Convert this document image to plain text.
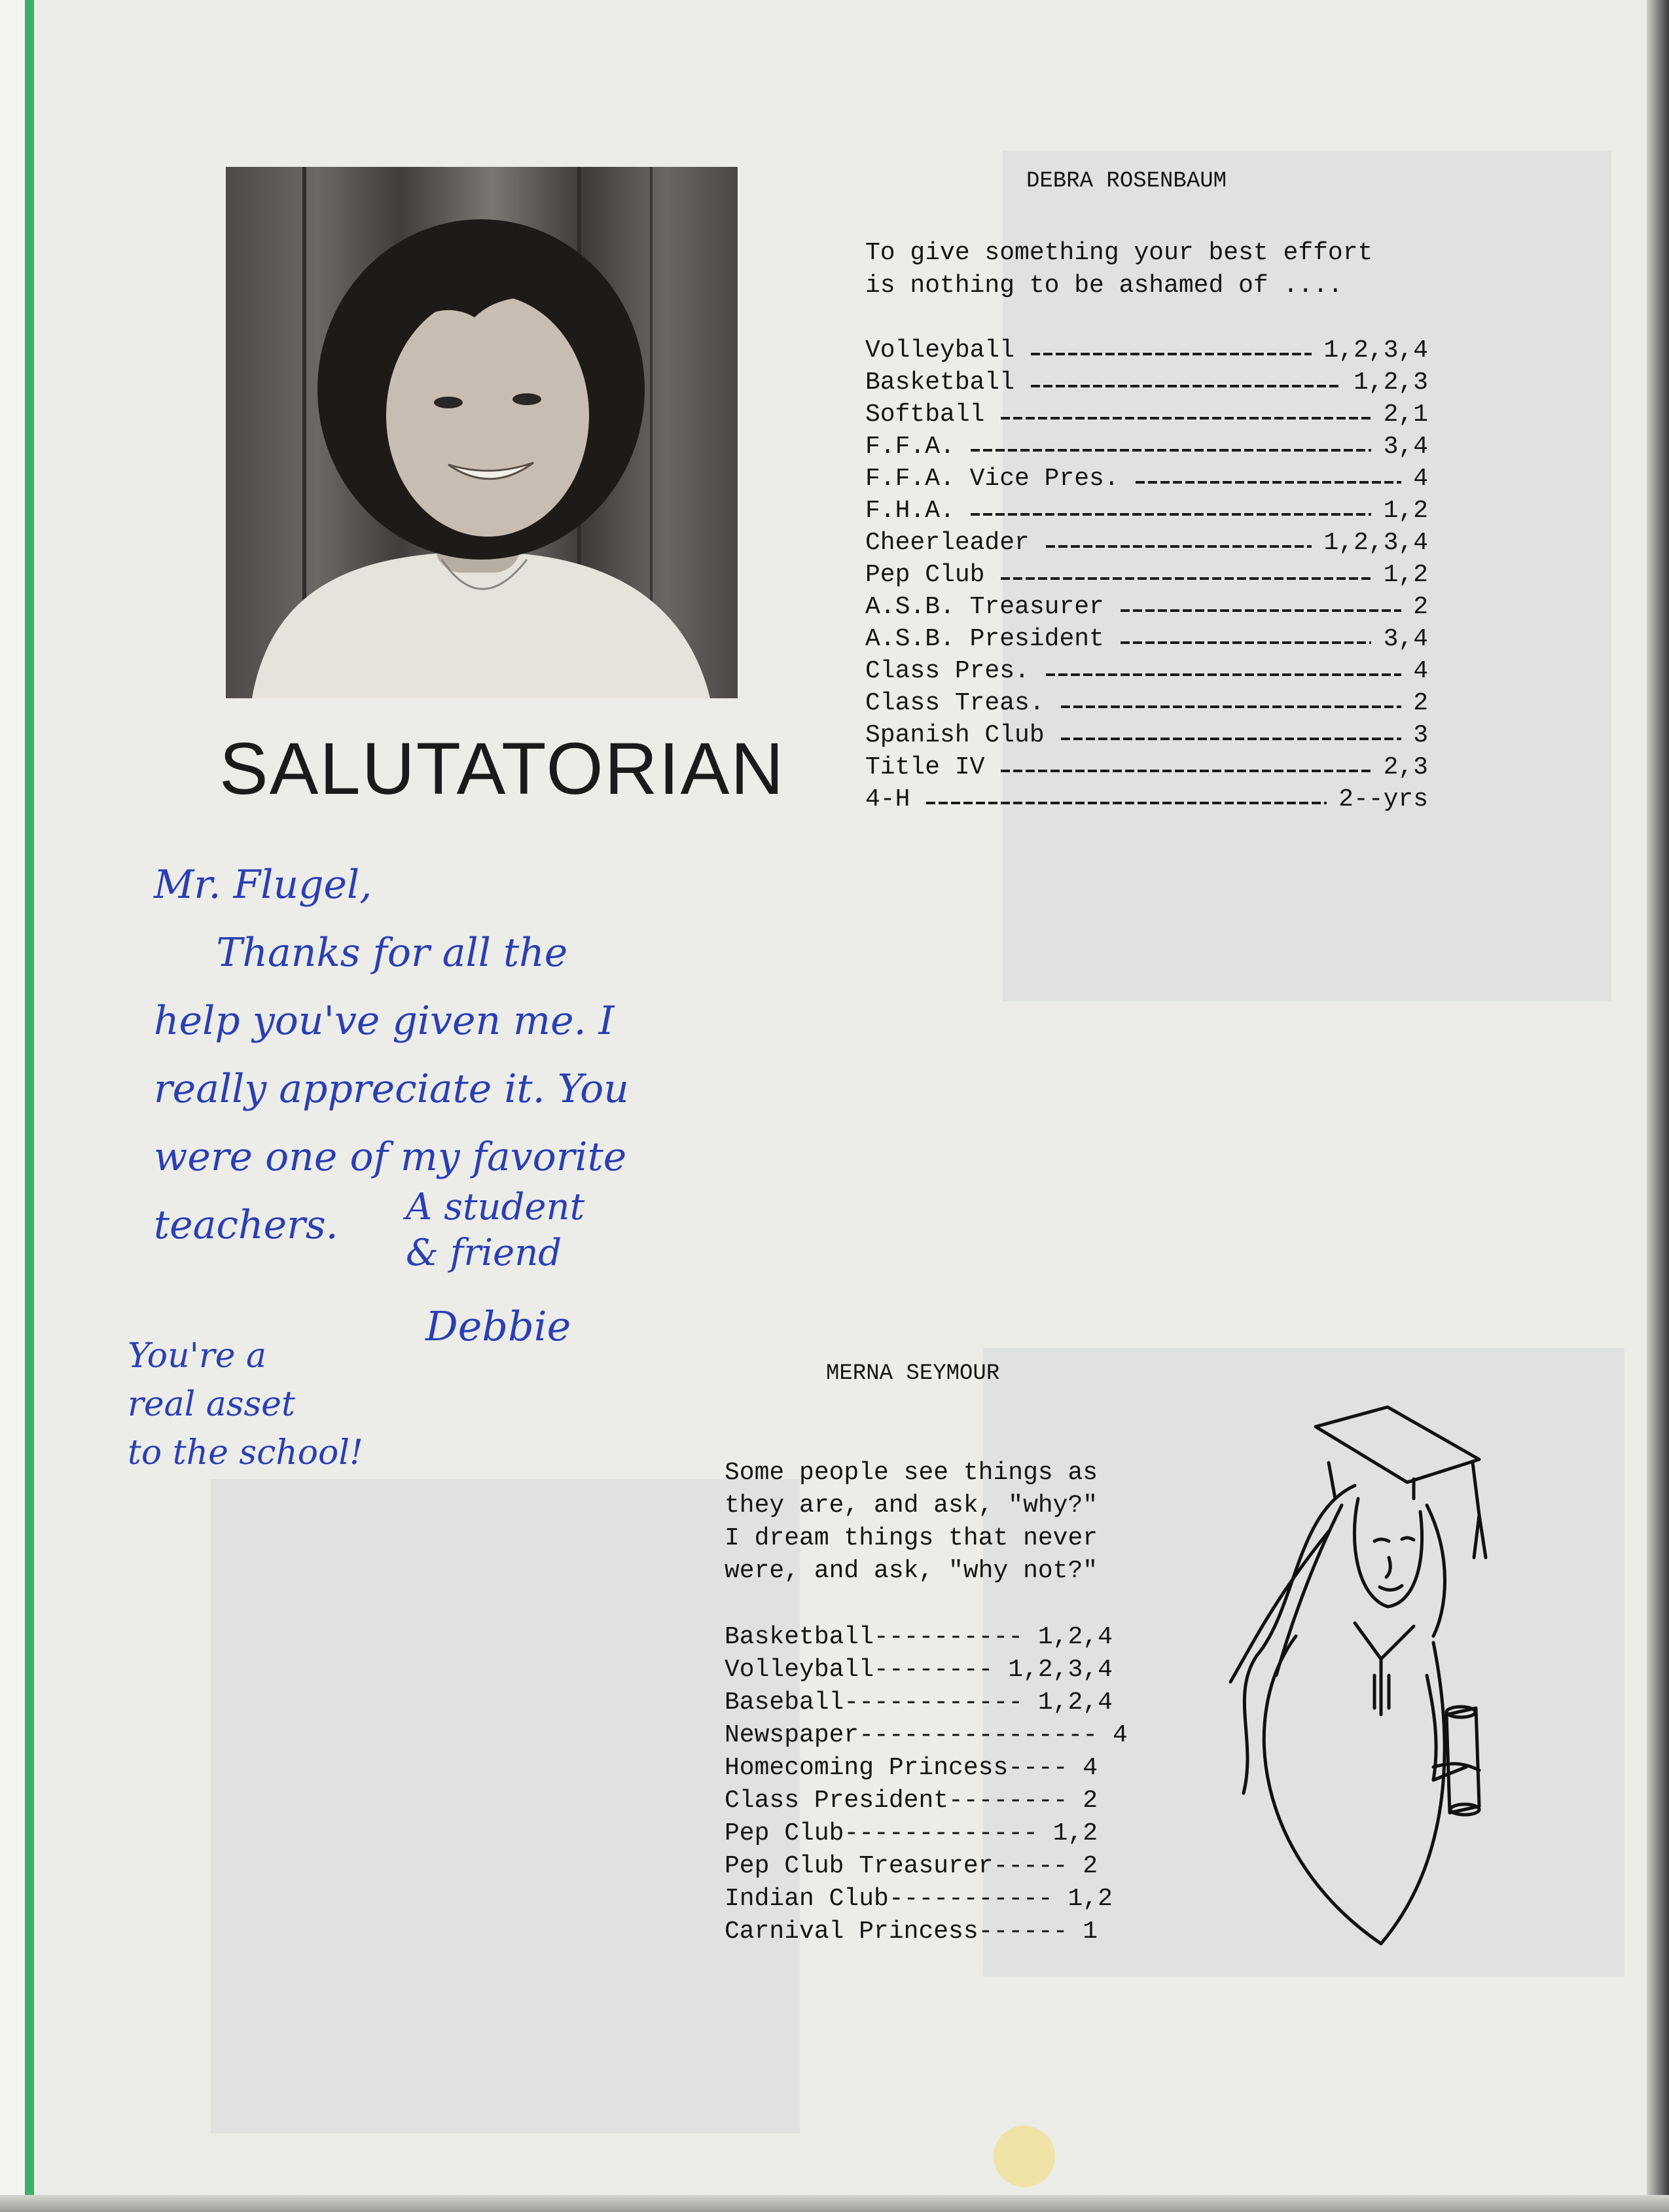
SALUTATORIAN
DEBRA ROSENBAUM
To give something your best effort
is nothing to be ashamed of ....
Volleyball	1,2,3,4
Basketball	1,2,3
Softball	2,1
F.F.A.	3,4
F.F.A. Vice Pres.	4
F.H.A.	1,2
Cheerleader	1,2,3,4
Pep Club	1,2
A.S.B. Treasurer	2
A.S.B. President	3,4
Class Pres.	4
Class Treas.	2
Spanish Club	3
Title IV	2,3
4-H	2--yrs
Mr. Flugel,
Thanks for all the
help you've given me. I
really appreciate it. You
were one of my favorite
teachers.	A student
& friend
Debbie
You're a
real asset
to the school!
MERNA SEYMOUR
Some people see things as
they are, and ask, "why?"
I dream things that never
were, and ask, "why not?"
Basketball---------- 1,2,4
Volleyball-------- 1,2,3,4
Baseball------------ 1,2,4
Newspaper---------------- 4
Homecoming Princess---- 4
Class President-------- 2
Pep Club------------- 1,2
Pep Club Treasurer----- 2
Indian Club----------- 1,2
Carnival Princess------ 1
